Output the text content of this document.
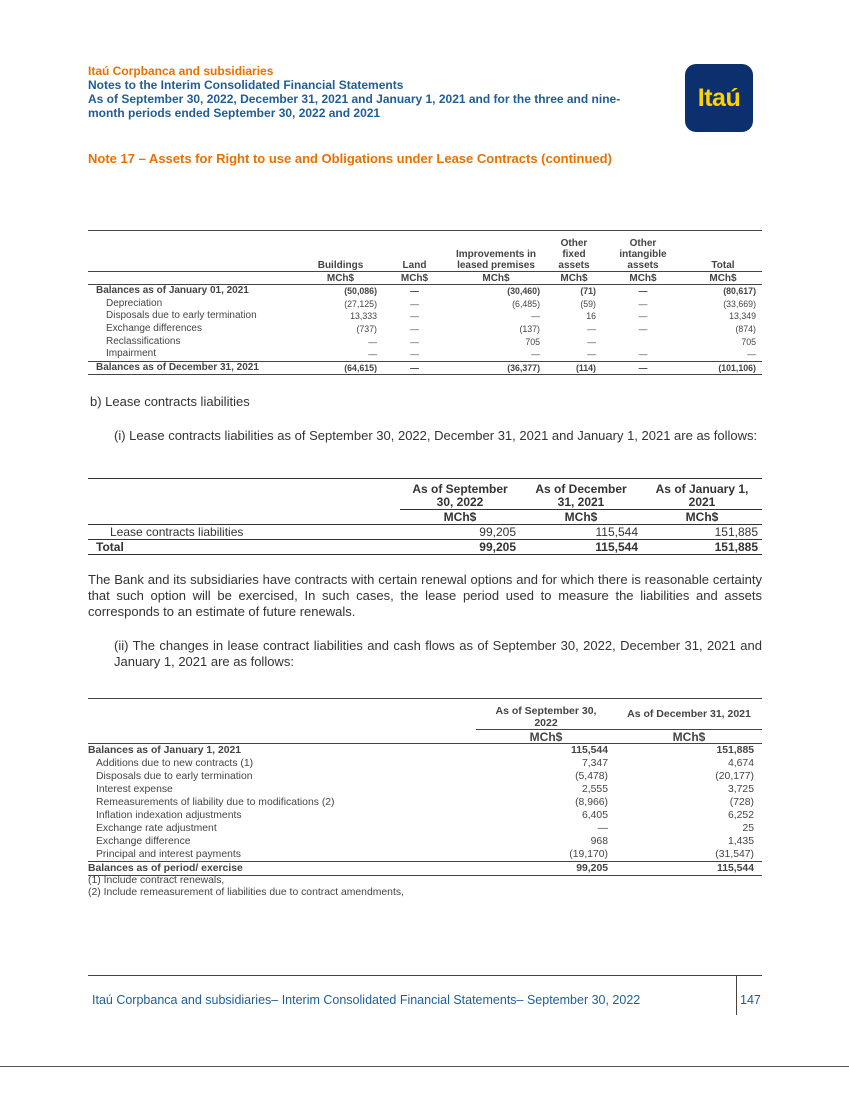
Itaú Corpbanca and subsidiaries
Notes to the Interim Consolidated Financial Statements
As of September 30, 2022, December 31, 2021 and January 1, 2021 and for the three and nine-
month periods ended September 30, 2022 and 2021
Itaú
Note 17 – Assets for Right to use and Obligations under Lease Contracts (continued)
	Buildings	Land	Improvements in leased premises	Other fixed assets	Other intangible assets	Total
	MCh$	MCh$	MCh$	MCh$	MCh$	MCh$
Balances as of January 01, 2021	(50,086)	—	(30,460)	(71)	—	(80,617)
Depreciation	(27,125)	—	(6,485)	(59)	—	(33,669)
Disposals due to early termination	13,333	—	—	16	—	13,349
Exchange differences	(737)	—	(137)	—	—	(874)
Reclassifications	—	—	705	—		705
Impairment	—	—	—	—	—	—
Balances as of December 31, 2021	(64,615)	—	(36,377)	(114)	—	(101,106)
b) Lease contracts liabilities
(i) Lease contracts liabilities as of September 30, 2022, December 31, 2021 and January 1, 2021 are as follows:
	As of September 30, 2022	As of December 31, 2021	As of January 1, 2021
	MCh$	MCh$	MCh$
Lease contracts liabilities	99,205	115,544	151,885
Total	99,205	115,544	151,885
The Bank and its subsidiaries have contracts with certain renewal options and for which there is reasonable certainty that such option will be exercised, In such cases, the lease period used to measure the liabilities and assets corresponds to an estimate of future renewals.
(ii) The changes in lease contract liabilities and cash flows as of September 30, 2022, December 31, 2021 and January 1, 2021 are as follows:
	As of September 30, 2022	As of December 31, 2021
	MCh$	MCh$
Balances as of January 1, 2021	115,544	151,885
Additions due to new contracts (1)	7,347	4,674
Disposals due to early termination	(5,478)	(20,177)
Interest expense	2,555	3,725
Remeasurements of liability due to modifications (2)	(8,966)	(728)
Inflation indexation adjustments	6,405	6,252
Exchange rate adjustment	—	25
Exchange difference	968	1,435
Principal and interest payments	(19,170)	(31,547)
Balances as of period/ exercise	99,205	115,544
(1) Include contract renewals,
(2) Include remeasurement of liabilities due to contract amendments,
Itaú Corpbanca and subsidiaries– Interim Consolidated Financial Statements– September 30, 2022	147
